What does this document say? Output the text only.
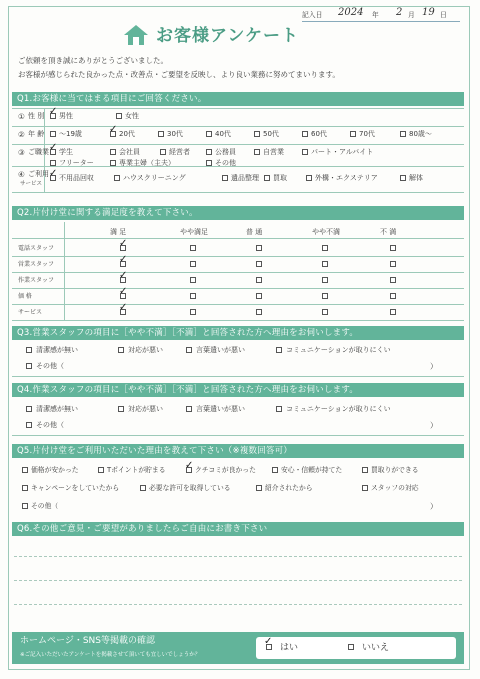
記入日 2024 年 2 月 19 日
お客様アンケート
ご依頼を頂き誠にありがとうございました。
お客様が感じられた良かった点・改善点・ご要望を反映し、より良い業務に努めてまいります。
Q1.お客様に当てはまる項目にご回答ください。
① 性 別 ✓ 男性	女性
② 年 齢 ～19歳	✓ 20代	30代	40代	50代	60代	70代	80歳～
③ ご職業 ✓ 学生	会社員	経営者	公務員	自営業	パート・アルバイト
フリーター	専業主婦（主夫）	その他
④ ご利用
サービス
✓ 不用品回収	ハウスクリーニング	遺品整理 買取	外構・エクステリア	解体
Q2.片付け堂に関する満足度を教えて下さい。
満 足	やや満足	普 通	やや不満	不 満
電話スタッフ	✓
営業スタッフ	✓
作業スタッフ	✓
価 格	✓
サービス	✓
Q3.営業スタッフの項目に［やや不満］［不満］と回答された方へ理由をお伺いします。
清潔感が無い	対応が悪い	言葉遣いが悪い	コミュニケーションが取りにくい
その他（	）
Q4.作業スタッフの項目に［やや不満］［不満］と回答された方へ理由をお伺いします。
清潔感が無い	対応が悪い	言葉遣いが悪い	コミュニケーションが取りにくい
その他（	）
Q5.片付け堂をご利用いただいた理由を教えて下さい（※複数回答可）
価格が安かった	Tポイントが貯まる ✓ クチコミが良かった	安心・信頼が持てた	買取りができる
キャンペーンをしていたから	必要な許可を取得している	紹介されたから	スタッフの対応
その他（	）
Q6.その他ご意見・ご要望がありましたらご自由にお書き下さい
ホームページ・SNS等掲載の確認
※ご記入いただいたアンケートを掲載させて頂いても宜しいでしょうか？
✓
はい	いいえ
